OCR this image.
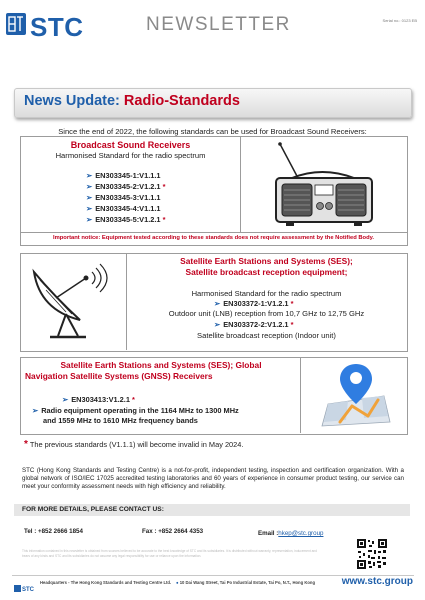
STC	NEWSLETTER	Serial no.: 0123 EB
News Update: Radio-Standards
Since the end of 2022, the following standards can be used for Broadcast Sound Receivers:
Broadcast Sound Receivers
Harmonised Standard for the radio spectrum
➢ EN303345-1:V1.1.1
➢ EN303345-2:V1.2.1 *
➢ EN303345-3:V1.1.1
➢ EN303345-4:V1.1.1
➢ EN303345-5:V1.2.1 *
Important notice: Equipment tested according to these standards does not require assessment by the Notified Body.
Satellite Earth Stations and Systems (SES);
Satellite broadcast reception equipment;
Harmonised Standard for the radio spectrum
➢ EN303372-1:V1.2.1 *
Outdoor unit (LNB) reception from 10,7 GHz to 12,75 GHz
➢ EN303372-2:V1.2.1 *
Satellite broadcast reception (Indoor unit)
Satellite Earth Stations and Systems (SES); Global
Navigation Satellite Systems (GNSS) Receivers
➢ EN303413:V1.2.1 *
➢ Radio equipment operating in the 1164 MHz to 1300 MHz
and 1559 MHz to 1610 MHz frequency bands
* The previous standards (V1.1.1) will become invalid in May 2024.
STC (Hong Kong Standards and Testing Centre) is a not-for-profit, independent testing, inspection and certification organization. With a global network of ISO/IEC 17025 accredited testing laboratories and 60 years of experience in consumer product testing, our service can meet your conformity assessment needs with high efficiency and reliability.
FOR MORE DETAILS, PLEASE CONTACT US:
Tel : +852 2666 1854	Fax : +852 2664 4353	Email :hkep@stc.group
This information contained in this newsletter is obtained from sources believed to be accurate to the best knowledge of STC and its subsidiaries. It is distributed without warranty, representation, inducement and bears of any kinds and STC and its subsidiaries do not assume any legal responsibility for use or reliance upon the information.
STC
Headquarters - The Hong Kong Standards and Testing Centre Ltd. ● 10 Dai Wang Street, Tai Po Industrial Estate, Tai Po, N.T., Hong Kong	www.stc.group
